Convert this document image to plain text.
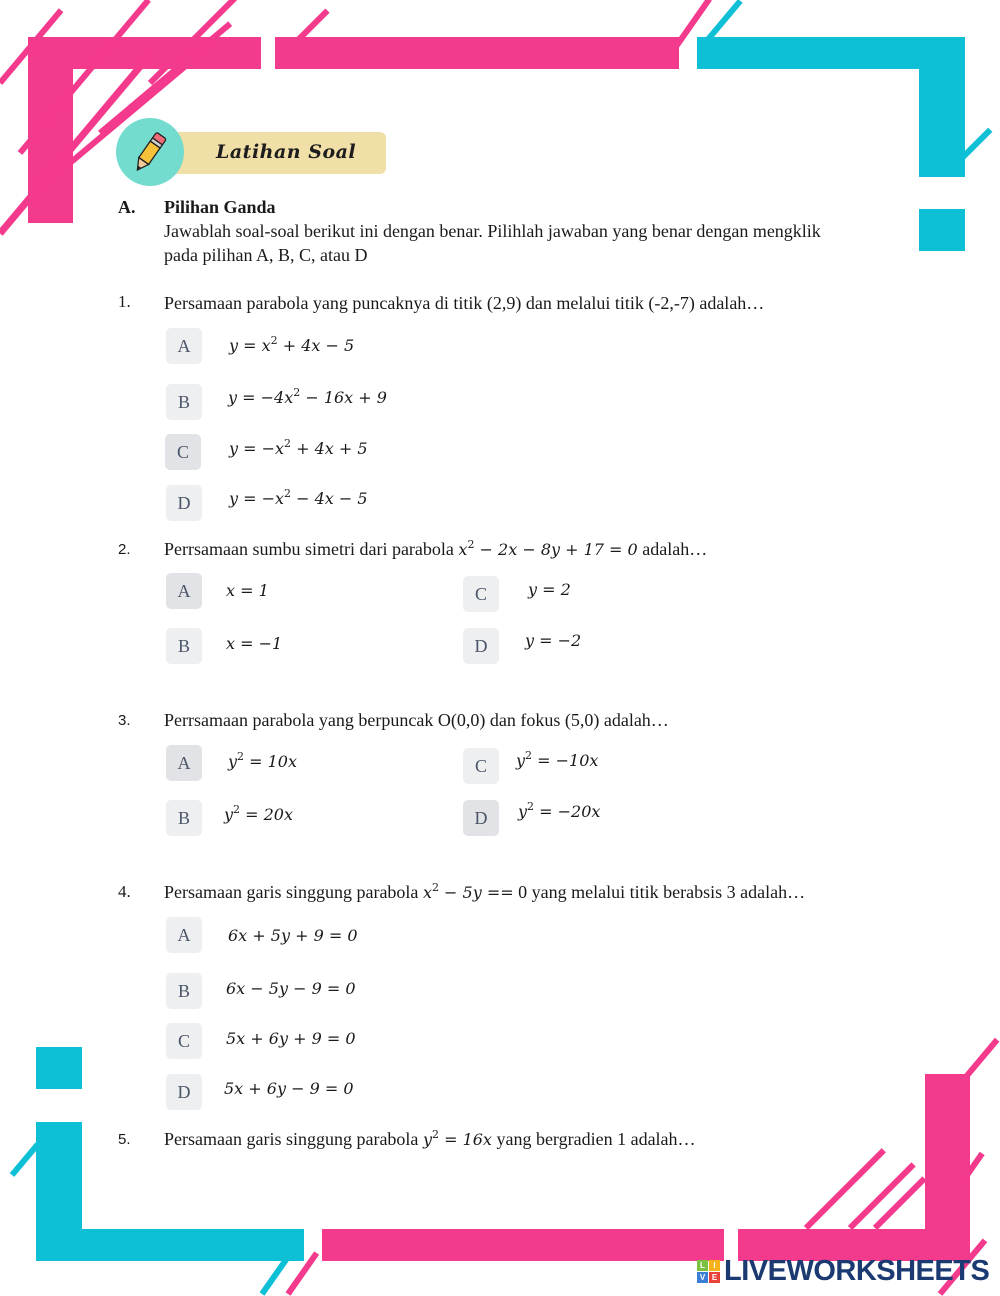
Latihan Soal
A. Pilihan Ganda
Jawablah soal-soal berikut ini dengan benar. Pilihlah jawaban yang benar dengan mengklik
pada pilihan A, B, C, atau D
1. Persamaan parabola yang puncaknya di titik (2,9) dan melalui titik (-2,-7) adalah…
A $y = x^2 + 4x - 5$
B $y = -4x^2 - 16x + 9$
C	$y = -x^2 + 4x + 5$
D $y = -x^2 - 4x - 5$
2. Perrsamaan sumbu simetri dari parabola $x^2 - 2x - 8y + 17 = 0$ adalah…
A x = 1
B x = −1
C	y = 2
D y = −2
3. Perrsamaan parabola yang berpuncak O(0,0) dan fokus (5,0) adalah…
A $y^2 = 10x$
B $y^2 = 20x$
C $y^2 = -10x$
D $y^2 = -20x$
4. Persamaan garis singgung parabola $x^2 - 5y == 0$ yang melalui titik berabsis 3 adalah…
A 6x + 5y + 9 = 0
B 6x − 5y − 9 = 0
C 5x + 6y + 9 = 0
D 5x + 6y − 9 = 0
5. Persamaan garis singgung parabola $y^2 = 16x$ yang bergradien 1 adalah…
L	I
V E LIVEWORKSHEETS
